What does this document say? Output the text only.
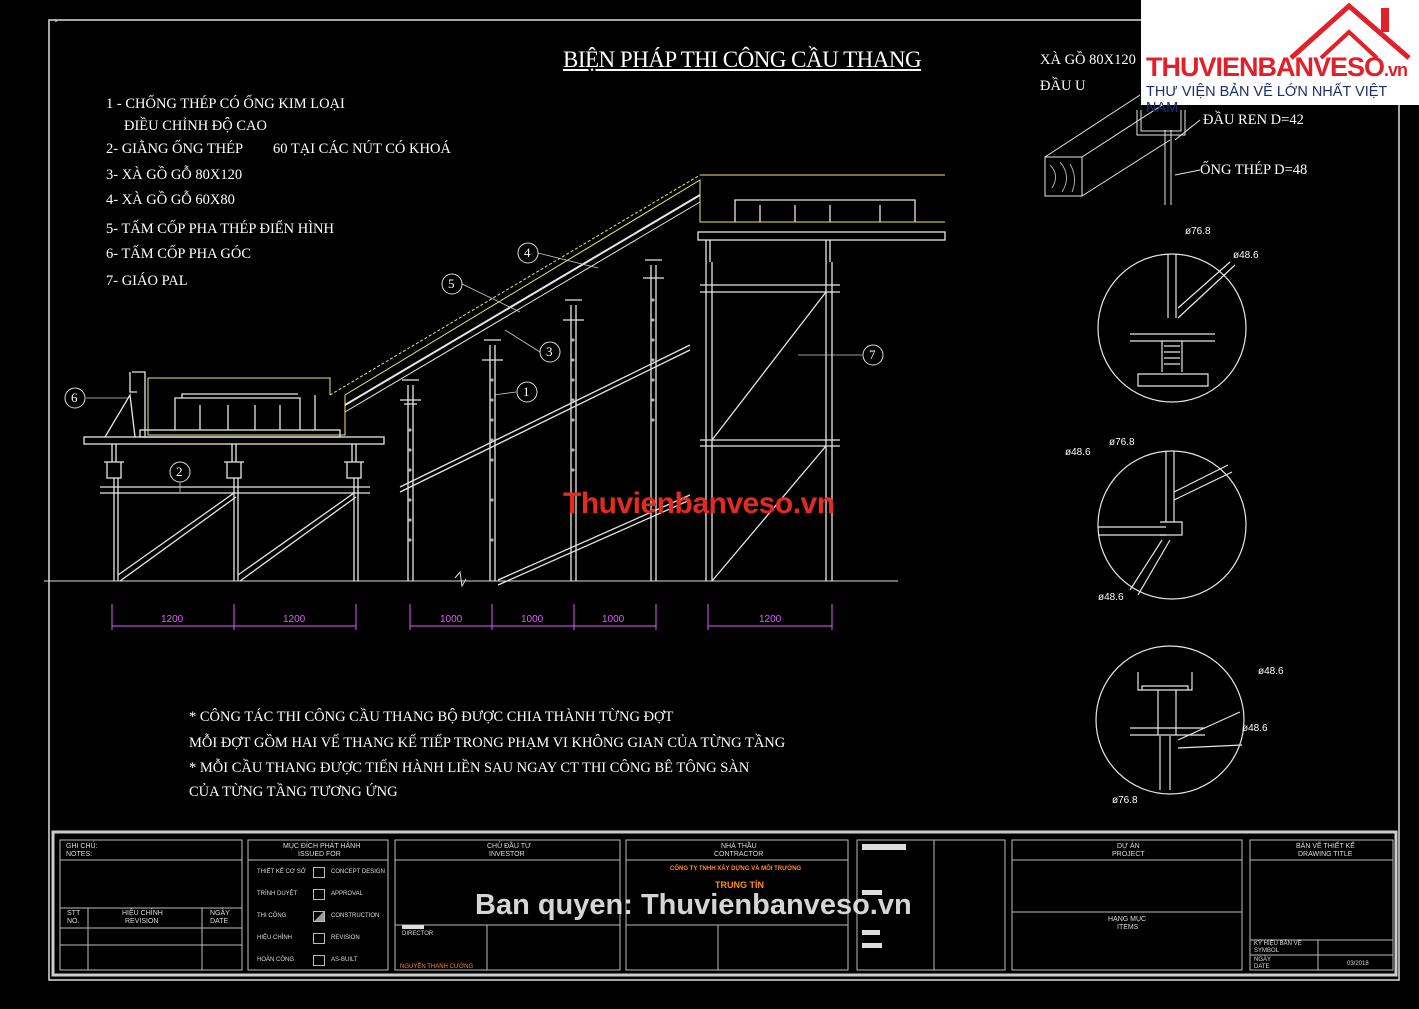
BIỆN PHÁP THI CÔNG CẦU THANG
1 - CHỐNG THÉP CÓ ỐNG KIM LOẠI
ĐIỀU CHỈNH ĐỘ CAO
2- GIẰNG ỐNG THÉP 60 TẠI CÁC NÚT CÓ KHOÁ
3- XÀ GỒ GỖ 80X120
4- XÀ GỒ GỖ 60X80
5- TẤM CỐP PHA THÉP ĐIỂN HÌNH
6- TẤM CỐP PHA GÓC
7- GIÁO PAL
6
2
5
4
3
1
7
1200	1200	1000	1000	1000	1200
* CÔNG TÁC THI CÔNG CẦU THANG BỘ ĐƯỢC CHIA THÀNH TỪNG ĐỢT
MỖI ĐỢT GỒM HAI VẾ THANG KẾ TIẾP TRONG PHẠM VI KHÔNG GIAN CỦA TỪNG TẦNG
* MỖI CẦU THANG ĐƯỢC TIẾN HÀNH LIỀN SAU NGAY CT THI CÔNG BÊ TÔNG SÀN
CỦA TỪNG TẦNG TƯƠNG ỨNG
XÀ GỒ 80X120
ĐẦU U
ĐẦU REN D=42
ỐNG THÉP D=48
ø76.8
ø48.6
ø76.8
ø48.6
ø48.6
ø48.6
ø48.6
ø76.8
GHI CHÚ:
NOTES:
STT
NO.
HIỆU CHỈNH
REVISION
NGÀY
DATE
MỤC ĐÍCH PHÁT HÀNH
ISSUED FOR
THIẾT KẾ CƠ SỞ	CONCEPT DESIGN
TRÌNH DUYỆT	APPROVAL
THI CÔNG	CONSTRUCTION
HIỆU CHỈNH	REVISION
HOÀN CÔNG	AS-BUILT
CHỦ ĐẦU TƯ
INVESTOR
DIRECTOR
NGUYỄN THANH CƯỜNG
NHÀ THẦU
CONTRACTOR
CÔNG TY TNHH XÂY DỰNG VÀ MÔI TRƯỜNG
TRUNG TÍN
DỰ ÁN
PROJECT
HẠNG MỤC
ITEMS
BẢN VẼ THIẾT KẾ
DRAWING TITLE
KÝ HIỆU BẢN VẼ
SYMBOL
NGÀY
DATE	03/2018
Thuvienbanveso.vn
Ban quyen: Thuvienbanveso.vn
THUVIENBANVESO.vn
THƯ VIỆN BẢN VẼ LỚN NHẤT VIỆT NAM
